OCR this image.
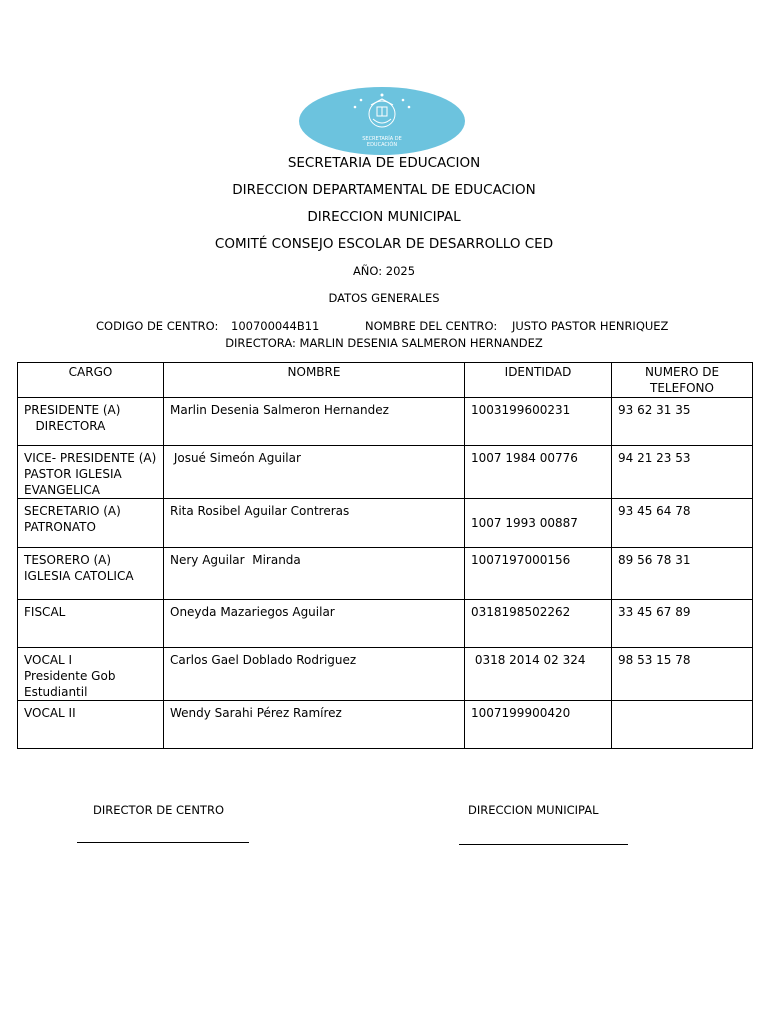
SECRETARÍA DE
EDUCACIÓN
SECRETARIA DE EDUCACION
DIRECCION DEPARTAMENTAL DE EDUCACION
DIRECCION MUNICIPAL
COMITÉ CONSEJO ESCOLAR DE DESARROLLO CED
AÑO: 2025
DATOS GENERALES
CODIGO DE CENTRO: 100700044B11	NOMBRE DEL CENTRO: JUSTO PASTOR HENRIQUEZ
DIRECTORA: MARLIN DESENIA SALMERON HERNANDEZ
CARGO	NOMBRE	IDENTIDAD	NUMERO DE TELEFONO

PRESIDENTE (A)
DIRECTORA	Marlin Desenia Salmeron Hernandez	1003199600231	93 62 31 35

VICE- PRESIDENTE (A)
PASTOR IGLESIA
EVANGELICA	Josué Simeón Aguilar	1007 1984 00776	94 21 23 53

SECRETARIO (A)
PATRONATO	Rita Rosibel Aguilar Contreras	1007 1993 00887	93 45 64 78

TESORERO (A)
IGLESIA CATOLICA	Nery Aguilar  Miranda	1007197000156	89 56 78 31

FISCAL	Oneyda Mazariegos Aguilar	0318198502262	33 45 67 89

VOCAL I
Presidente Gob
Estudiantil	Carlos Gael Doblado Rodriguez	0318 2014 02 324	98 53 15 78

VOCAL II	Wendy Sarahi Pérez Ramírez	1007199900420	
DIRECTOR DE CENTRO	DIRECCION MUNICIPAL
